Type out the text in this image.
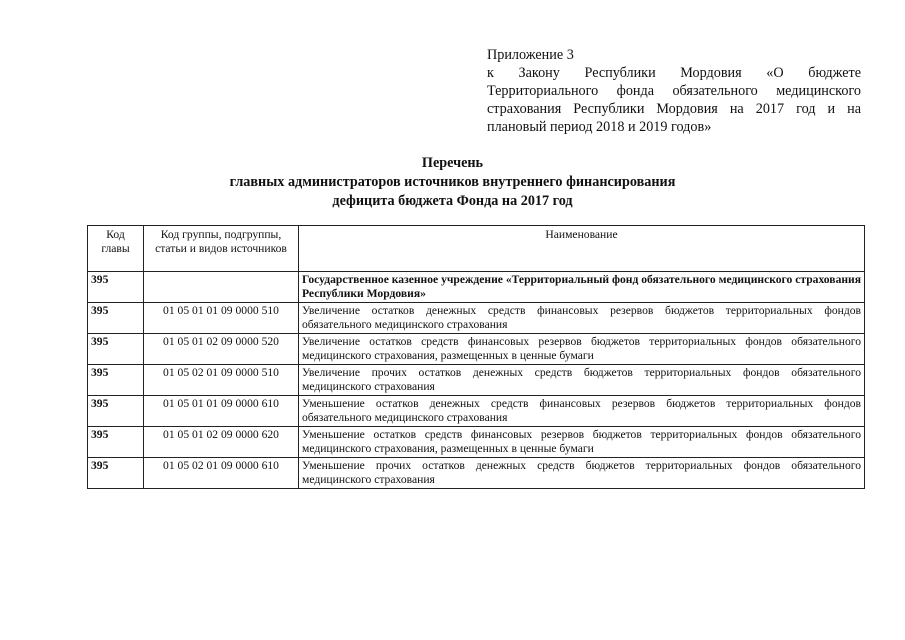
Приложение 3
к Закону Республики Мордовия «О бюджете Территориального фонда обязательного медицинского страхования Республики Мордовия на 2017 год и на плановый период 2018 и 2019 годов»
Перечень
главных администраторов источников внутреннего финансирования
дефицита бюджета Фонда на 2017 год
Код главы	Код группы, подгруппы, статьи и видов источников	Наименование
395		Государственное казенное учреждение «Территориальный фонд обязательного медицинского страхования Республики Мордовия»
395	01 05 01 01 09 0000 510	Увеличение остатков денежных средств финансовых резервов бюджетов территориальных фондов обязательного медицинского страхования
395	01 05 01 02 09 0000 520	Увеличение остатков средств финансовых резервов бюджетов территориальных фондов обязательного медицинского страхования, размещенных в ценные бумаги
395	01 05 02 01 09 0000 510	Увеличение прочих остатков денежных средств бюджетов территориальных фондов обязательного медицинского страхования
395	01 05 01 01 09 0000 610	Уменьшение остатков денежных средств финансовых резервов бюджетов территориальных фондов обязательного медицинского страхования
395	01 05 01 02 09 0000 620	Уменьшение остатков средств финансовых резервов бюджетов территориальных фондов обязательного медицинского страхования, размещенных в ценные бумаги
395	01 05 02 01 09 0000 610	Уменьшение прочих остатков денежных средств бюджетов территориальных фондов обязательного медицинского страхования
